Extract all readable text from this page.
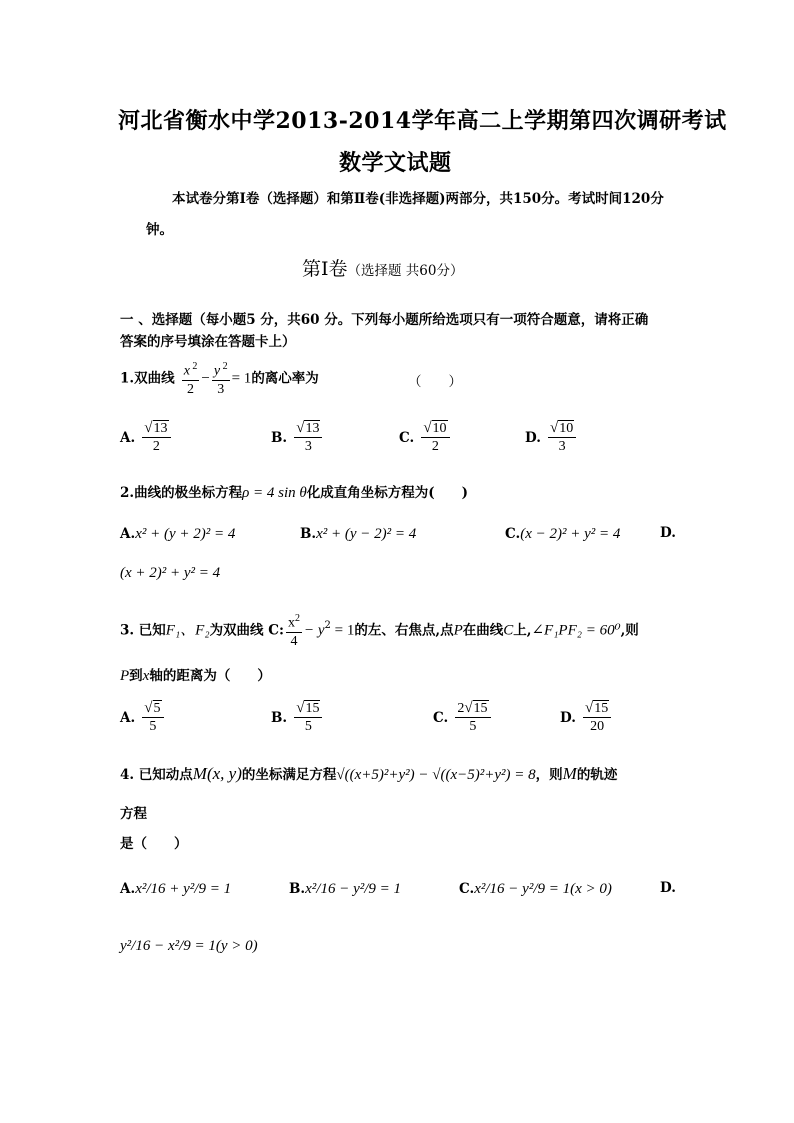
河北省衡水中学2013-2014学年高二上学期第四次调研考试
数学文试题
本试卷分第Ⅰ卷（选择题）和第Ⅱ卷(非选择题)两部分，共150分。考试时间120分
钟。
第Ⅰ卷（选择题 共60分）
一 、选择题（每小题5 分，共60 分。下列每小题所给选项只有一项符合题意，请将正确
答案的序号填涂在答题卡上）
1.双曲线 $\frac{x ^2}{2} - \frac{y ^2}{3} = 1$的离心率为	（　　）
A. $\frac{√13}{2}$	B. $\frac{√13}{3}$	C. $\frac{√10}{2}$	D. $\frac{√10}{3}$
2.曲线的极坐标方程ρ = 4 sin θ化成直角坐标方程为(　　)
A.x² + (y + 2)² = 4	B.x² + (y − 2)² = 4	C.(x − 2)² + y² = 4	D.
(x + 2)² + y² = 4
3. 已知F₁、F₂为双曲线 C: $\frac{x^2}{4} - y^2 = 1$的左、右焦点,点P在曲线C上,∠F₁PF₂ = 60⁰,则
P到x轴的距离为（　　）
A. $\frac{√5}{5}$	B. $\frac{√15}{5}$	C. $\frac{2√15}{5}$	D. $\frac{√15}{20}$
4. 已知动点M(x, y)的坐标满足方程√((x+5)²+y²) − √((x−5)²+y²) = 8，则M的轨迹
方程
是（　　）
A.x²/16 + y²/9 = 1	B.x²/16 − y²/9 = 1	C.x²/16 − y²/9 = 1(x > 0)	D.
y²/16 − x²/9 = 1(y > 0)
